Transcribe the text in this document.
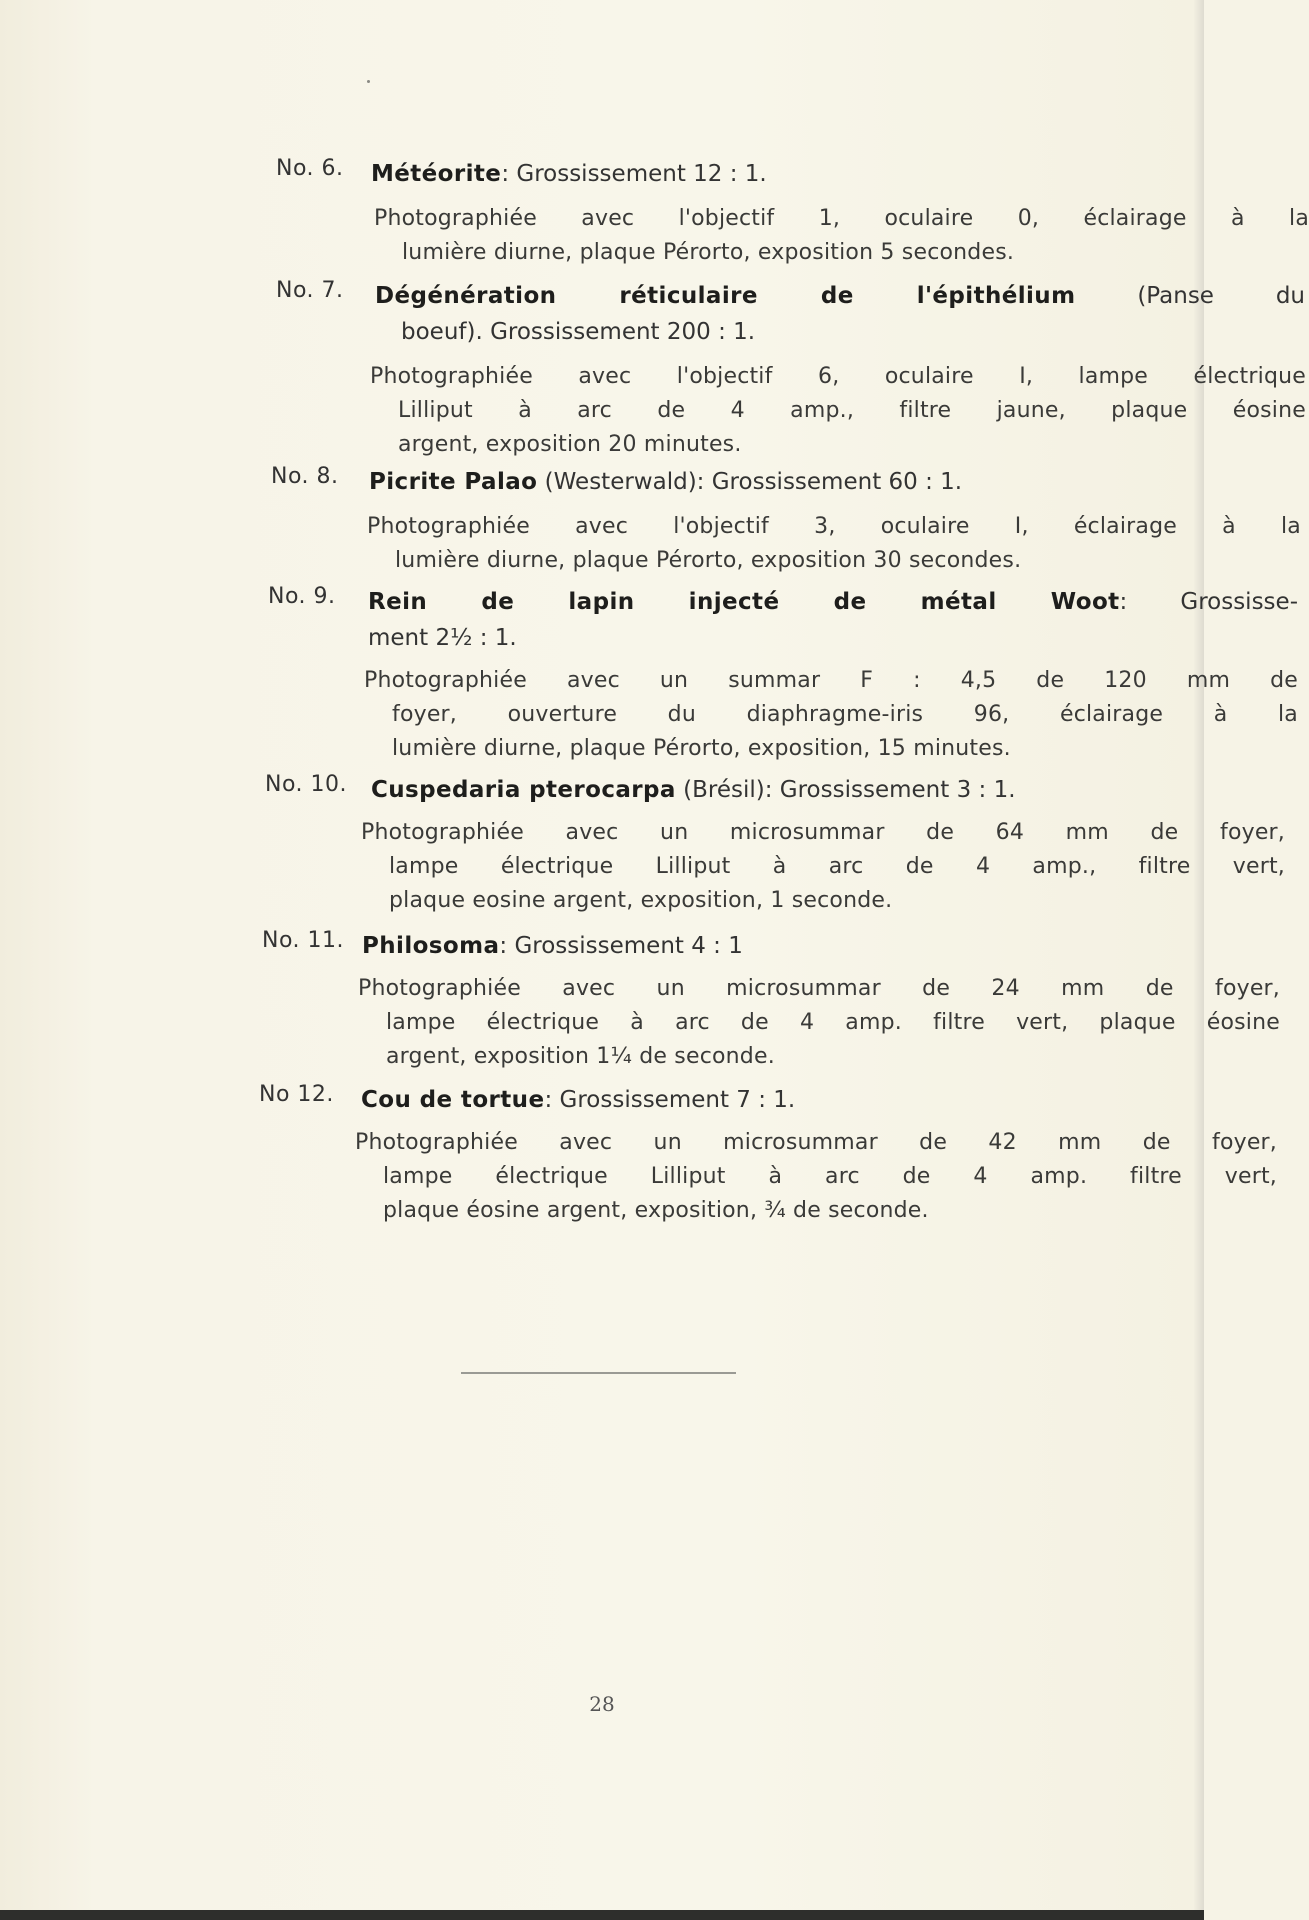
No. 6.	Météorite: Grossissement 12 : 1.
Photographiée avec l'objectif 1, oculaire 0, éclairage à la
lumière diurne, plaque Pérorto, exposition 5 secondes.
No. 7.	Dégénération réticulaire de l'épithélium (Panse du
boeuf). Grossissement 200 : 1.
Photographiée avec l'objectif 6, oculaire I, lampe électrique
Lilliput à arc de 4 amp., filtre jaune, plaque éosine
argent, exposition 20 minutes.
No. 8.	Picrite Palao (Westerwald): Grossissement 60 : 1.
Photographiée avec l'objectif 3, oculaire I, éclairage à la
lumière diurne, plaque Pérorto, exposition 30 secondes.
No. 9.	Rein de lapin injecté de métal Woot: Grossisse-
ment 2½ : 1.
Photographiée avec un summar F : 4,5 de 120 mm de
foyer, ouverture du diaphragme-iris 96, éclairage à la
lumière diurne, plaque Pérorto, exposition, 15 minutes.
No. 10.	Cuspedaria pterocarpa (Brésil): Grossissement 3 : 1.
Photographiée avec un microsummar de 64 mm de foyer,
lampe électrique Lilliput à arc de 4 amp., filtre vert,
plaque eosine argent, exposition, 1 seconde.
No. 11. Philosoma: Grossissement 4 : 1
Photographiée avec un microsummar de 24 mm de foyer,
lampe électrique à arc de 4 amp. filtre vert, plaque éosine
argent, exposition 1¼ de seconde.
No 12.	Cou de tortue: Grossissement 7 : 1.
Photographiée avec un microsummar de 42 mm de foyer,
lampe électrique Lilliput à arc de 4 amp. filtre vert,
plaque éosine argent, exposition, ¾ de seconde.
28
